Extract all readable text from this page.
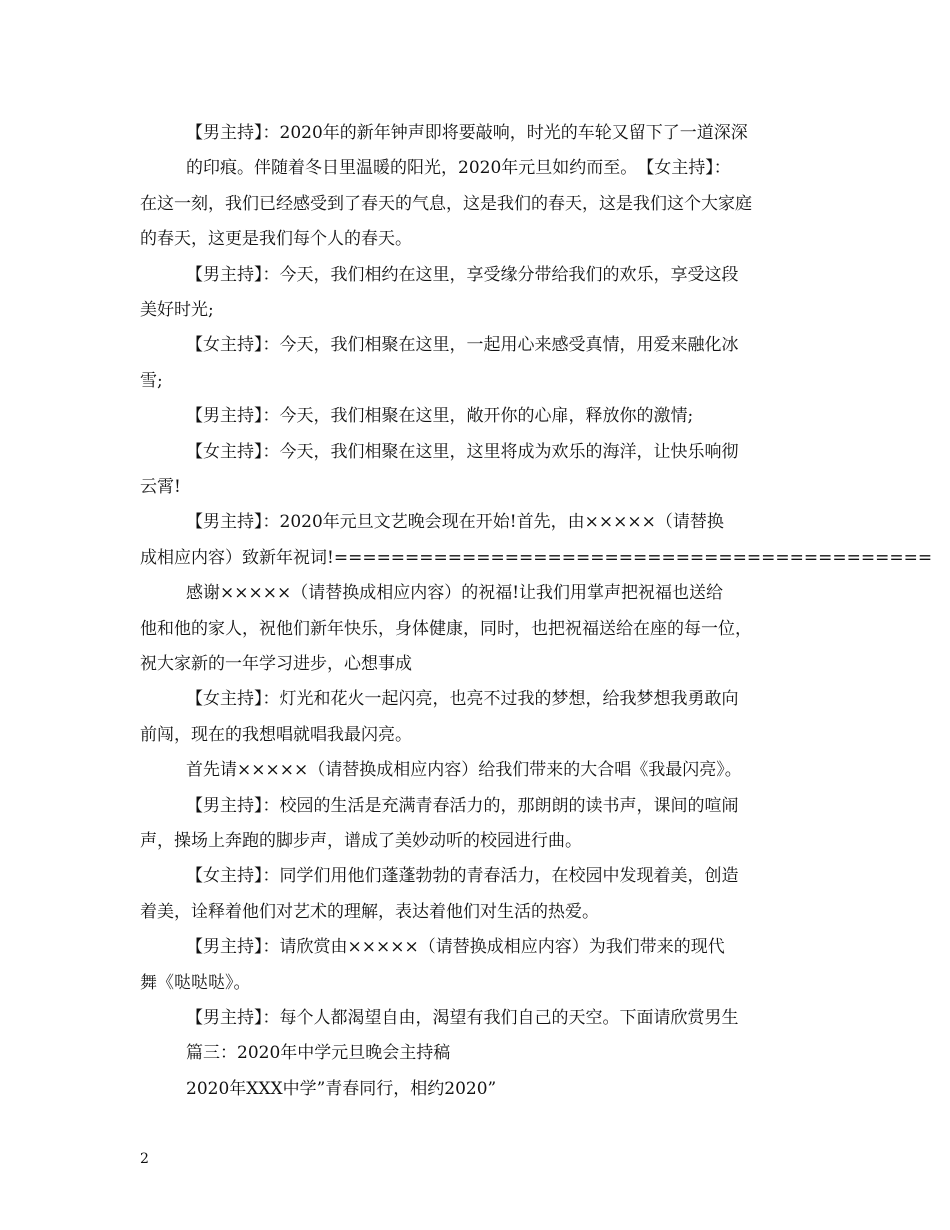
【男主持】：2020年的新年钟声即将要敲响，时光的车轮又留下了一道深深
的印痕。伴随着冬日里温暖的阳光，2020年元旦如约而至。　【女主持】：
在这一刻，我们已经感受到了春天的气息，这是我们的春天，这是我们这个大家庭
的春天，这更是我们每个人的春天。
【男主持】：今天，我们相约在这里，享受缘分带给我们的欢乐，享受这段
美好时光;
【女主持】：今天，我们相聚在这里，一起用心来感受真情，用爱来融化冰
雪;
【男主持】：今天，我们相聚在这里，敞开你的心扉，释放你的激情;
【女主持】：今天，我们相聚在这里，这里将成为欢乐的海洋，让快乐响彻
云霄!
【男主持】：2020年元旦文艺晚会现在开始!首先，由×××××（请替换
成相应内容）致新年祝词!==========================================
感谢×××××（请替换成相应内容）的祝福!让我们用掌声把祝福也送给
他和他的家人，祝他们新年快乐，身体健康，同时，也把祝福送给在座的每一位，
祝大家新的一年学习进步，心想事成
【女主持】：灯光和花火一起闪亮，也亮不过我的梦想，给我梦想我勇敢向
前闯，现在的我想唱就唱我最闪亮。
首先请×××××（请替换成相应内容）给我们带来的大合唱《我最闪亮》。
【男主持】：校园的生活是充满青春活力的，那朗朗的读书声，课间的喧闹
声，操场上奔跑的脚步声，谱成了美妙动听的校园进行曲。
【女主持】：同学们用他们蓬蓬勃勃的青春活力，在校园中发现着美，创造
着美，诠释着他们对艺术的理解，表达着他们对生活的热爱。
【男主持】：请欣赏由×××××（请替换成相应内容）为我们带来的现代
舞《哒哒哒》。
【男主持】：每个人都渴望自由，渴望有我们自己的天空。下面请欣赏男生
篇三：2020年中学元旦晚会主持稿
2020年XXX中学”青春同行，相约2020”
2
